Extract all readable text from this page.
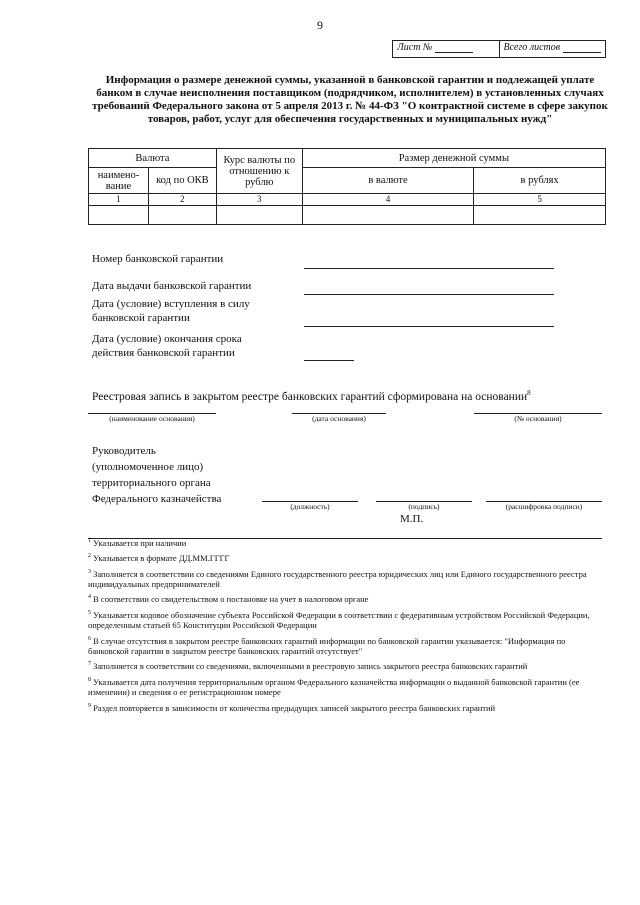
9
Лист №	Всего листов
Информация о размере денежной суммы, указанной в банковской гарантии и подлежащей уплате банком в случае неисполнения поставщиком (подрядчиком, исполнителем) в установленных случаях требований Федерального закона от 5 апреля 2013 г. № 44-ФЗ "О контрактной системе в сфере закупок товаров, работ, услуг для обеспечения государственных и муниципальных нужд"
Валюта		Курс валюты по отношению к рублю	Размер денежной суммы	
наимено-вание	код по ОКВ		в валюте	в рублях
1	2	3	4	5

Номер банковской гарантии
Дата выдачи банковской гарантии
Дата (условие) вступления в силу
банковской гарантии
Дата (условие) окончания срока
действия банковской гарантии
Реестровая запись в закрытом реестре банковских гарантий сформирована на основании$^8$
(наименование основания)	(дата основания)	(№ основания)
Руководитель
(уполномоченное лицо)
территориального органа
Федерального казначейства
(должность)	(подпись)	(расшифровка подписи)
М.П.

$^1$ Указывается при наличии

$^2$ Указывается в формате ДД.ММ.ГГГГ

$^3$ Заполняется в соответствии со сведениями Единого государственного реестра юридических лиц или Единого государственного реестра индивидуальных предпринимателей

$^4$ В соответствии со свидетельством о постановке на учет в налоговом органе

$^5$ Указывается кодовое обозначение субъекта Российской Федерации в соответствии с федеративным устройством Российской Федерации, определенным статьей 65 Конституции Российской Федерации

$^6$ В случае отсутствия в закрытом реестре банковских гарантий информации по банковской гарантии указывается: "Информация по банковской гарантии в закрытом реестре банковских гарантий отсутствует"

$^7$ Заполняется в соответствии со сведениями, включенными в реестровую запись закрытого реестра банковских гарантий

$^8$ Указывается дата получения территориальным органом Федерального казначейства информации о выданной банковской гарантии (ее изменении) и сведения о ее регистрационном номере

$^9$ Раздел повторяется в зависимости от количества предыдущих записей закрытого реестра банковских гарантий
